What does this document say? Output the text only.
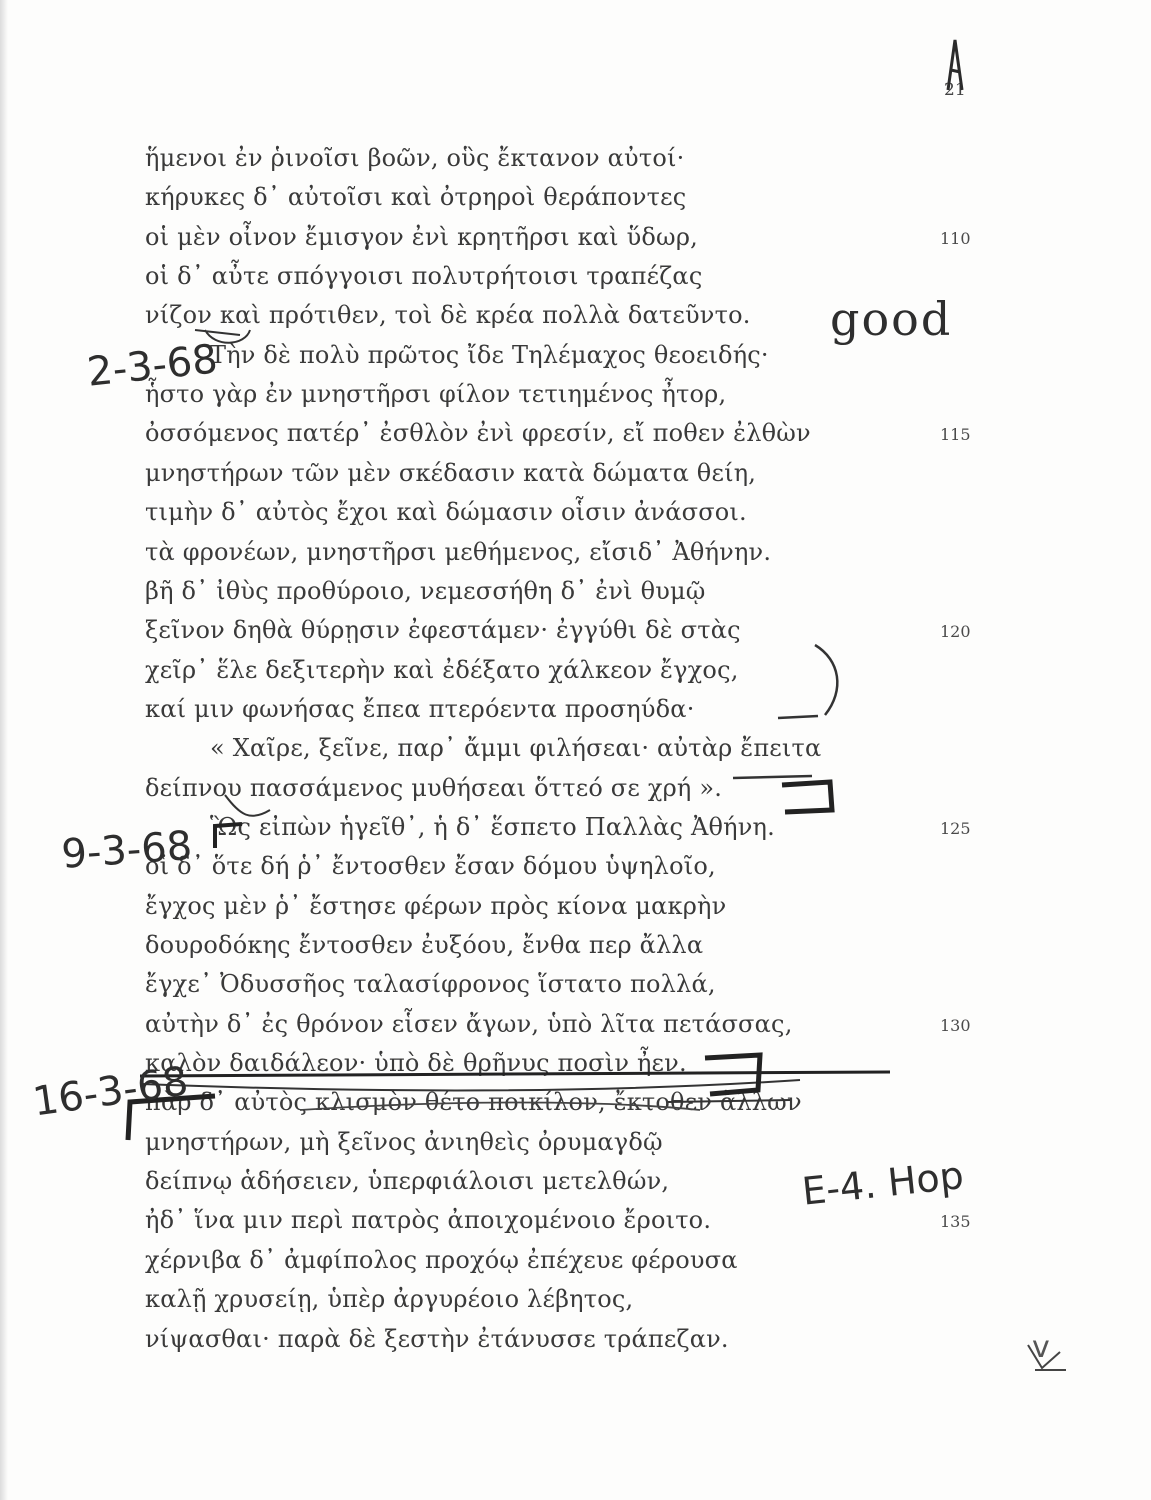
21
ἥμενοι ἐν ῥινοῖσι βοῶν, οὓς ἔκτανον αὐτοί·
κήρυκες δ᾽ αὐτοῖσι καὶ ὀτρηροὶ θεράποντες
οἱ μὲν οἶνον ἔμισγον ἐνὶ κρητῆρσι καὶ ὕδωρ,	110
οἱ δ᾽ αὖτε σπόγγοισι πολυτρήτοισι τραπέζας
νίζον καὶ πρότιθεν, τοὶ δὲ κρέα πολλὰ δατεῦντο.
Τὴν δὲ πολὺ πρῶτος ἴδε Τηλέμαχος θεοειδής·
ἧστο γὰρ ἐν μνηστῆρσι φίλον τετιημένος ἦτορ,
ὀσσόμενος πατέρ᾽ ἐσθλὸν ἐνὶ φρεσίν, εἴ ποθεν ἐλθὼν	115
μνηστήρων τῶν μὲν σκέδασιν κατὰ δώματα θείη,
τιμὴν δ᾽ αὐτὸς ἔχοι καὶ δώμασιν οἷσιν ἀνάσσοι.
τὰ φρονέων, μνηστῆρσι μεθήμενος, εἴσιδ᾽ Ἀθήνην.
βῆ δ᾽ ἰθὺς προθύροιο, νεμεσσήθη δ᾽ ἐνὶ θυμῷ
ξεῖνον δηθὰ θύρῃσιν ἐφεστάμεν· ἐγγύθι δὲ στὰς	120
χεῖρ᾽ ἕλε δεξιτερὴν καὶ ἐδέξατο χάλκεον ἔγχος,
καί μιν φωνήσας ἔπεα πτερόεντα προσηύδα·
« Χαῖρε, ξεῖνε, παρ᾽ ἄμμι φιλήσεαι· αὐτὰρ ἔπειτα
δείπνου πασσάμενος μυθήσεαι ὅττεό σε χρή ».
Ὣς εἰπὼν ἡγεῖθ᾽, ἡ δ᾽ ἕσπετο Παλλὰς Ἀθήνη.	125
οἱ δ᾽ ὅτε δή ῥ᾽ ἔντοσθεν ἔσαν δόμου ὑψηλοῖο,
ἔγχος μὲν ῥ᾽ ἔστησε φέρων πρὸς κίονα μακρὴν
δουροδόκης ἔντοσθεν ἐυξόου, ἔνθα περ ἄλλα
ἔγχε᾽ Ὀδυσσῆος ταλασίφρονος ἵστατο πολλά,
αὐτὴν δ᾽ ἐς θρόνον εἷσεν ἄγων, ὑπὸ λῖτα πετάσσας,	130
καλὸν δαιδάλεον· ὑπὸ δὲ θρῆνυς ποσὶν ἦεν.
πὰρ δ᾽ αὐτὸς κλισμὸν θέτο ποικίλον, ἔκτοθεν ἄλλων
μνηστήρων, μὴ ξεῖνος ἀνιηθεὶς ὀρυμαγδῷ
δείπνῳ ἁδήσειεν, ὑπερφιάλοισι μετελθών,
ἠδ᾽ ἵνα μιν περὶ πατρὸς ἀποιχομένοιο ἔροιτο.	135
χέρνιβα δ᾽ ἀμφίπολος προχόῳ ἐπέχευε φέρουσα
καλῇ χρυσείῃ, ὑπὲρ ἀργυρέοιο λέβητος,
νίψασθαι· παρὰ δὲ ξεστὴν ἐτάνυσσε τράπεζαν.
good
2-3-68
9-3-68
16-3-68
Ε-4. Hop
v
